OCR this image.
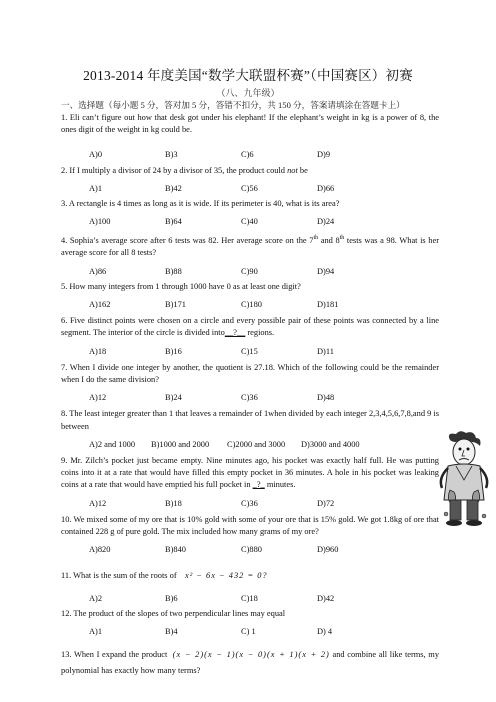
2013-2014 年度美国“数学大联盟杯赛”（中国赛区）初赛
（八、九年级）
一、选择题（每小题 5 分，答对加 5 分，答错不扣分，共 150 分，答案请填涂在答题卡上）

1. Eli can’t figure out how that desk got under his elephant! If the elephant’s weight in kg is a power of 8, the ones digit of the weight in kg could be.

A)0	B)3	C)6	D)9

2. If I multiply a divisor of 24 by a divisor of 35, the product could not be

A)1	B)42	C)56	D)66

3. A rectangle is 4 times as long as it is wide. If its perimeter is 40, what is its area?

A)100	B)64	C)40	D)24

4. Sophia’s average score after 6 tests was 82. Her average score on the 7th and 8th tests was a 98. What is her average score for all 8 tests?

A)86	B)88	C)90	D)94

5. How many integers from 1 through 1000 have 0 as at least one digit?

A)162	B)171	C)180	D)181

6. Five distinct points were chosen on a circle and every possible pair of these points was connected by a line segment. The interior of the circle is divided into__?__ regions.

A)18	B)16	C)15	D)11

7. When I divide one integer by another, the quotient is 27.18. Which of the following could be the remainder when I do the same division?

A)12	B)24	C)36	D)48

8. The least integer greater than 1 that leaves a remainder of 1when divided by each integer 2,3,4,5,6,7,8,and 9 is between

A)2 and 1000	B)1000 and 2000	C)2000 and 3000	D)3000 and 4000

9. Mr. Zilch’s pocket just became empty. Nine minutes ago, his pocket was exactly half full. He was putting coins into it at a rate that would have filled this empty pocket in 36 minutes. A hole in his pocket was leaking coins at a rate that would have emptied his full pocket in _?_ minutes.

A)12	B)18	C)36	D)72

10. We mixed some of my ore that is 10% gold with some of your ore that is 15% gold. We got 1.8kg of ore that contained 228 g of pure gold. The mix included how many grams of my ore?

A)820	B)840	C)880	D)960

11. What is the sum of the roots of x² − 6x − 432 = 0?

A)2	B)6	C)18	D)42

12. The product of the slopes of two perpendicular lines may equal

A)1	B)4	C) 1	D) 4

13. When I expand the product (x − 2)(x − 1)(x − 0)(x + 1)(x + 2) and combine all like terms, my polynomial has exactly how many terms?
